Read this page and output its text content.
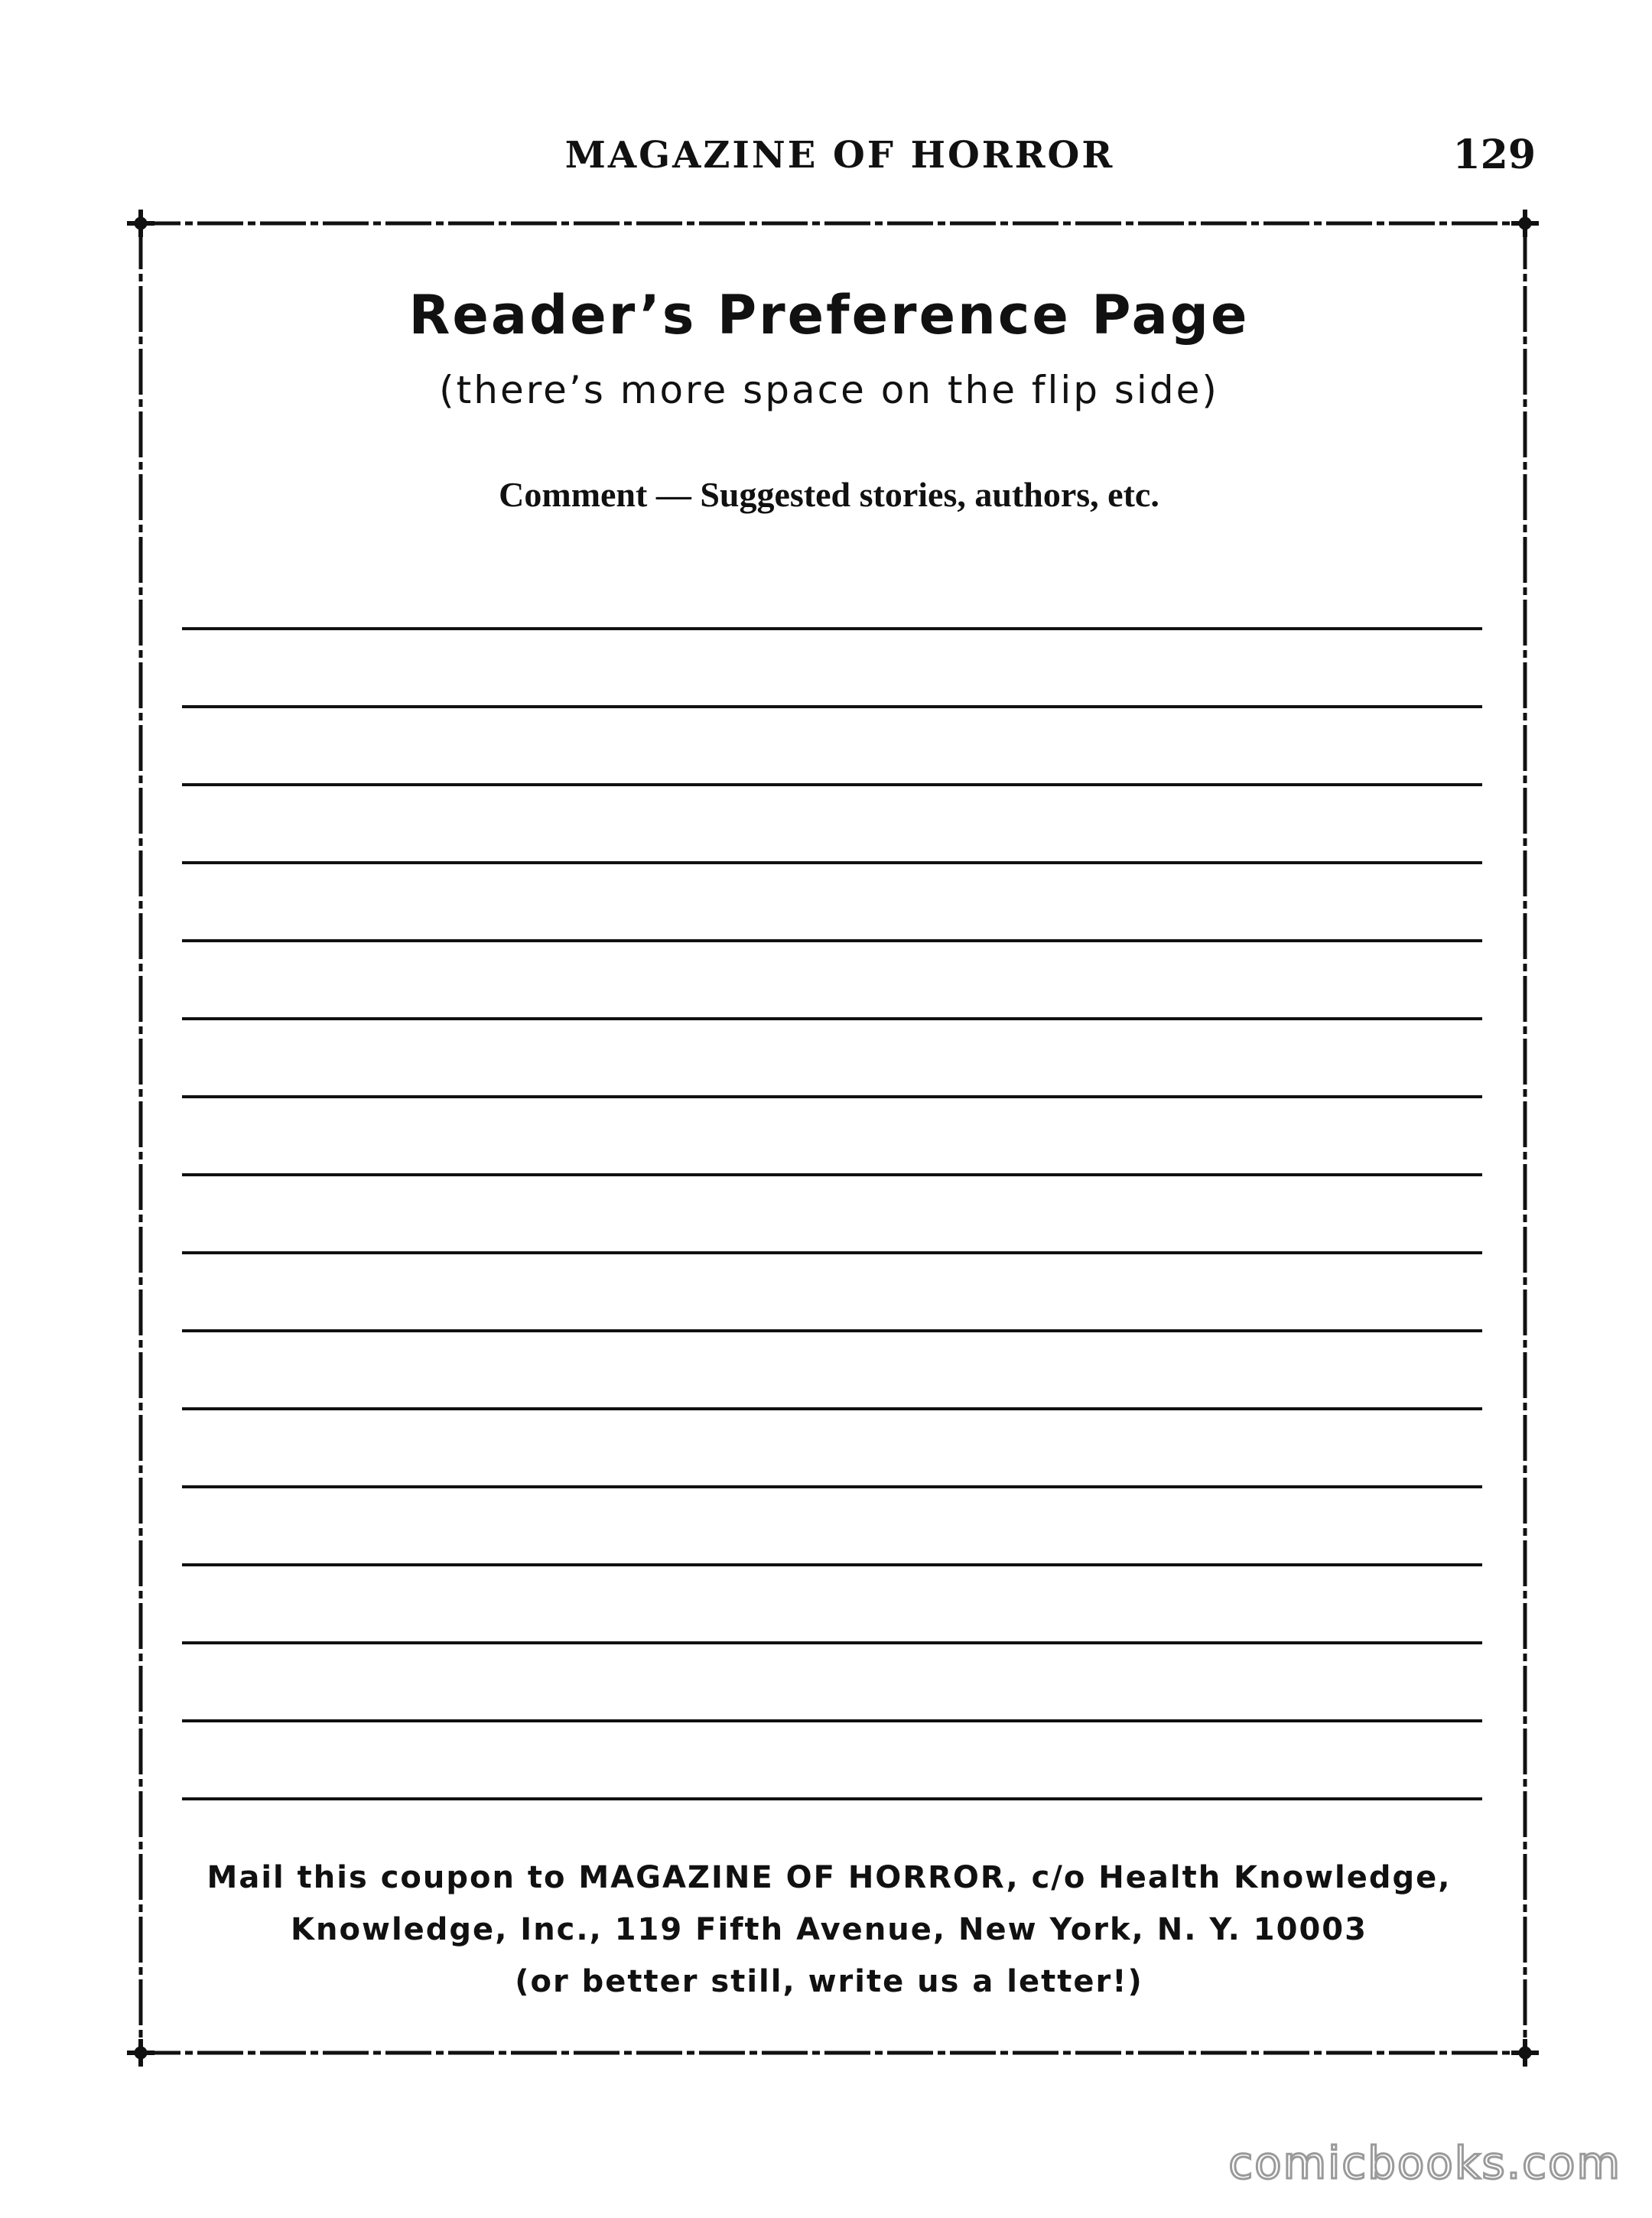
MAGAZINE OF HORROR	129
Reader’s Preference Page
(there’s more space on the flip side)
Comment — Suggested stories, authors, etc.
Mail this coupon to MAGAZINE OF HORROR, c/o Health Knowledge,
Knowledge, Inc., 119 Fifth Avenue, New York, N. Y. 10003
(or better still, write us a letter!)
comicbooks.com
